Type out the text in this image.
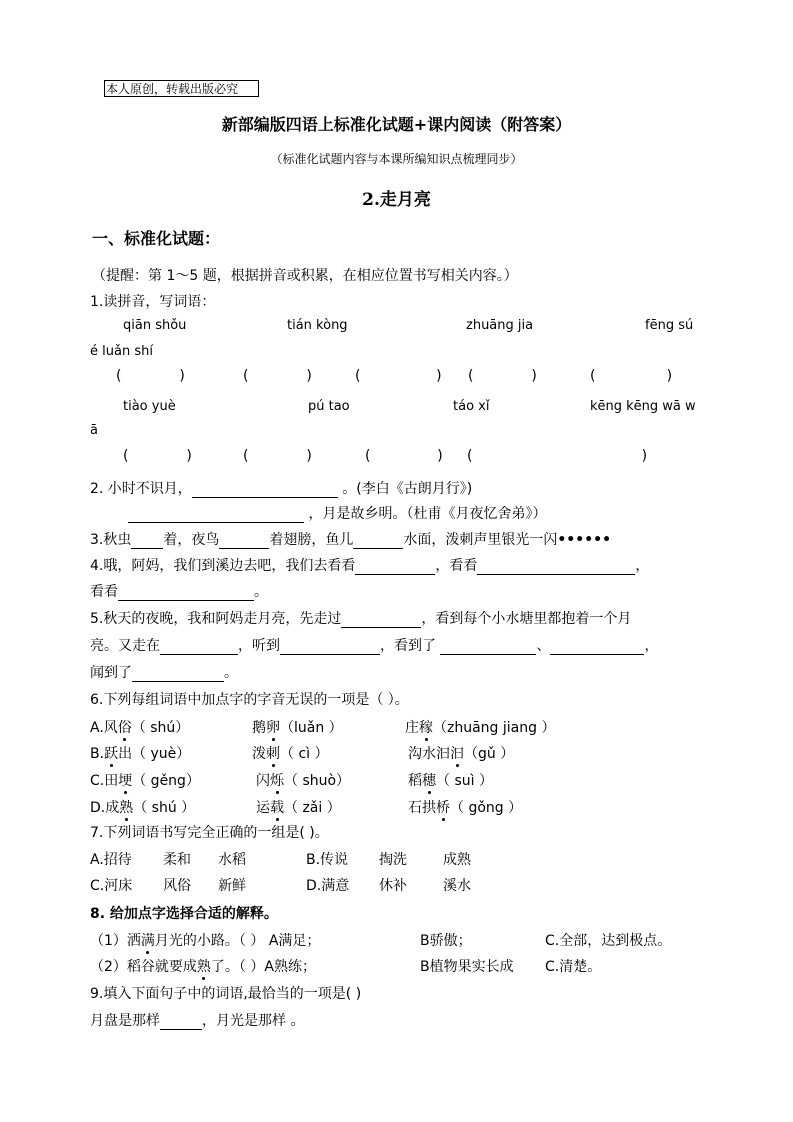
本人原创，转载出版必究
新部编版四语上标准化试题+课内阅读（附答案）
（标准化试题内容与本课所编知识点梳理同步）
2.走月亮
一、标准化试题：
（提醒：第 1～5 题，根据拼音或积累，在相应位置书写相关内容。）
1.读拼音，写词语：
qiān shǒu	tián kòng	zhuāng jia	fēng sú
é luǎn shí
(             )	(             )	(                 ) (             )	(                )
tiào yuè	pú tao	táo xǐ	kēng kēng wā w
ā
(             )	(             )	(               ) (                                      )
2. 小时不识月，	。(李白《古朗月行》)
，月是故乡明。（杜甫《月夜忆舍弟》）
3.秋虫 着，夜鸟	着翅膀，鱼儿	水面，泼刺声里银光一闪••••••
4.哦，阿妈，我们到溪边去吧，我们去看看	，看看	，
看看	。
5.秋天的夜晚，我和阿妈走月亮，先走过	，看到每个小水塘里都抱着一个月
亮。又走在	，听到	，看到了	、	，
闻到了	。
6.下列每组词语中加点字的字音无误的一项是（ ）。
A.风俗（ shú）	鹅卵（luǎn ）	庄稼（zhuāng jiang ）
B.跃出（ yuè）	泼刺（ cì ）	沟水汩汩（gǔ ）
C.田埂（ gěng）	闪烁（ shuò）	稻穗（ suì ）
D.成熟（ shú ）	运载（ zǎi ）	石拱桥（ gǒng ）
7.下列词语书写完全正确的一组是( )。
A.招待 柔和 水稻	B.传说 掏洗	成熟
C.河床 风俗 新鲜	D.满意 休补	溪水
8. 给加点字选择合适的解释。
（1）洒满月光的小路。（ ） A满足；	B骄傲；	C.全部，达到极点。
（2）稻谷就要成熟了。（ ）A熟练；	B植物果实长成 C.清楚。
9.填入下面句子中的词语,最恰当的一项是( )
月盘是那样	，月光是那样 。
